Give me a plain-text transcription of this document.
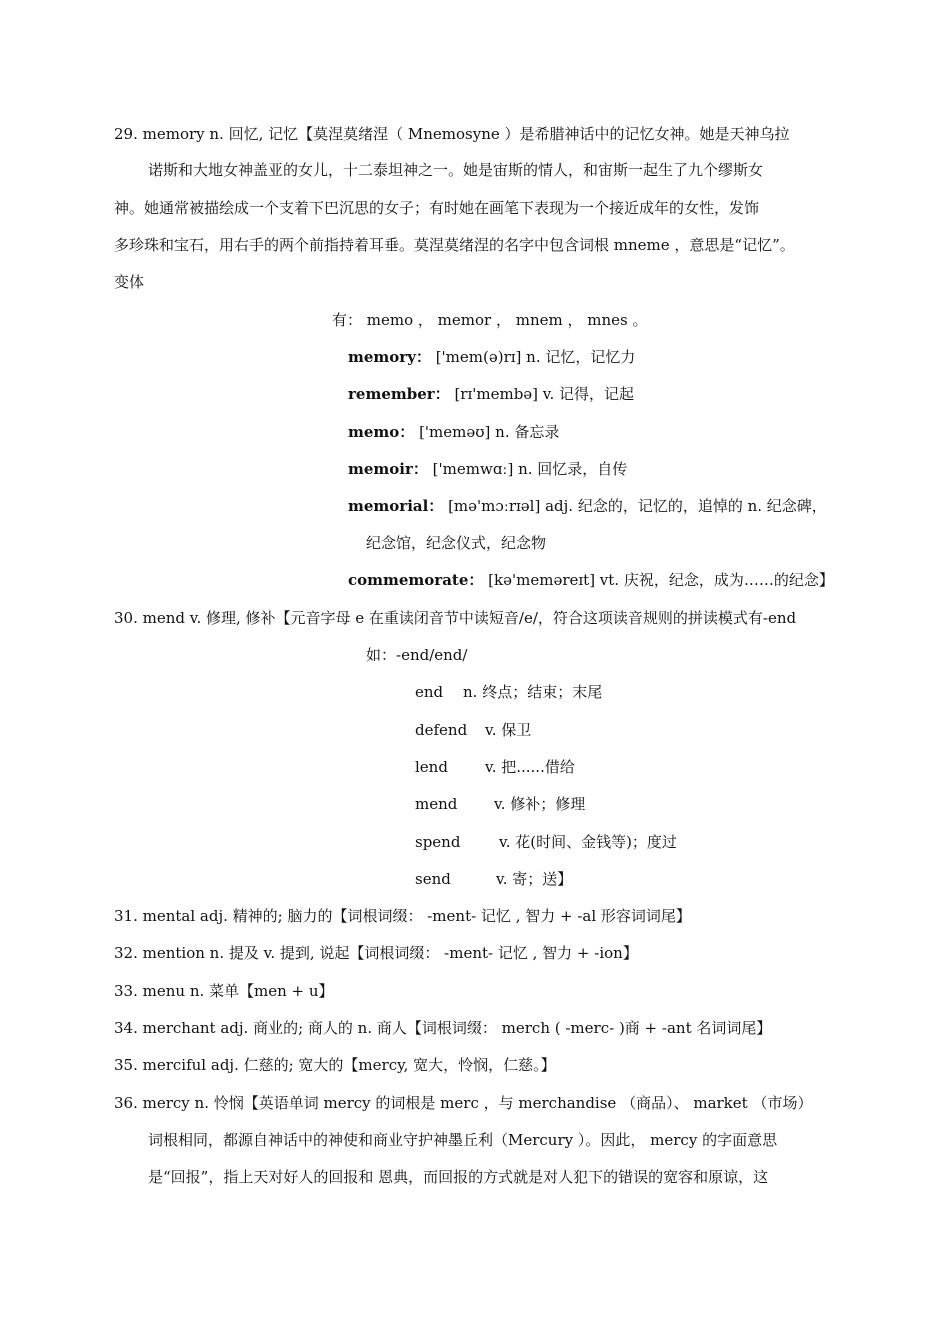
29. memory n. 回忆, 记忆【莫涅莫绪涅（ Mnemosyne ）是希腊神话中的记忆女神。她是天神乌拉
诺斯和大地女神盖亚的女儿，十二泰坦神之一。她是宙斯的情人，和宙斯一起生了九个缪斯女
神。她通常被描绘成一个支着下巴沉思的女子；有时她在画笔下表现为一个接近成年的女性，发饰
多珍珠和宝石，用右手的两个前指持着耳垂。莫涅莫绪涅的名字中包含词根 mneme ，意思是“记忆”。
变体
有： memo ， memor ， mnem ， mnes 。
memory： ['mem(ə)rɪ] n. 记忆，记忆力
remember： [rɪ'membə] v. 记得，记起
memo： ['meməʊ] n. 备忘录
memoir： ['memwɑː] n. 回忆录，自传
memorial： [mə'mɔːrɪəl] adj. 纪念的，记忆的，追悼的 n. 纪念碑，
纪念馆，纪念仪式，纪念物
commemorate： [kə'meməreɪt] vt. 庆祝，纪念，成为……的纪念】
30. mend v. 修理, 修补【元音字母 e 在重读闭音节中读短音/e/，符合这项读音规则的拼读模式有-end
如：-end/end/
end n. 终点；结束；末尾
defend v. 保卫
lend v. 把......借给
mend v. 修补；修理
spend	v. 花(时间、金钱等)；度过
send	v. 寄；送】
31. mental adj. 精神的; 脑力的【词根词缀： -ment- 记忆 , 智力 + -al 形容词词尾】
32. mention n. 提及 v. 提到, 说起【词根词缀： -ment- 记忆 , 智力 + -ion】
33. menu n. 菜单【men + u】
34. merchant adj. 商业的; 商人的 n. 商人【词根词缀： merch ( -merc- )商 + -ant 名词词尾】
35. merciful adj. 仁慈的; 宽大的【mercy, 宽大，怜悯，仁慈。】
36. mercy n. 怜悯【英语单词 mercy 的词根是 merc ，与 merchandise （商品）、 market （市场）
词根相同，都源自神话中的神使和商业守护神墨丘利（Mercury ）。因此， mercy 的字面意思
是“回报”，指上天对好人的回报和 恩典，而回报的方式就是对人犯下的错误的宽容和原谅，这
